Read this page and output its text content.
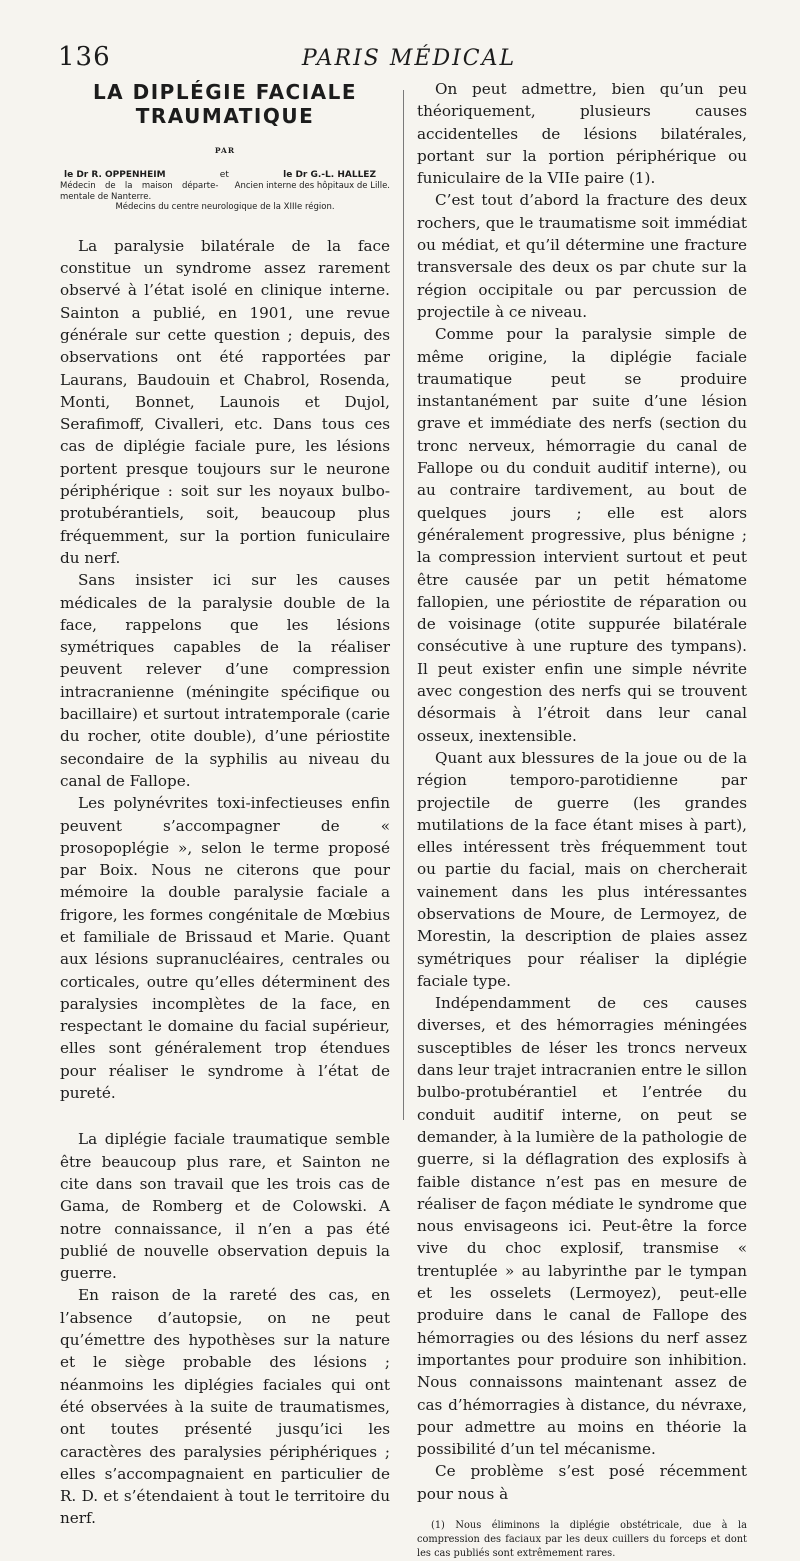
136	PARIS MÉDICAL
LA DIPLÉGIE FACIALE TRAUMATIQUE
PAR
le Dr R. OPPENHEIM	et	le Dr G.-L. HALLEZ
Médecin de la maison départe-mentale de Nanterre.
Ancien interne des hôpitaux de Lille.
Médecins du centre neurologique de la XIIIe région.

La paralysie bilatérale de la face constitue un syndrome assez rarement observé à l’état isolé en clinique interne. Sainton a publié, en 1901, une revue générale sur cette question ; depuis, des observations ont été rapportées par Laurans, Baudouin et Chabrol, Rosenda, Monti, Bonnet, Launois et Dujol, Serafimoff, Civalleri, etc. Dans tous ces cas de diplégie faciale pure, les lésions portent presque toujours sur le neurone périphérique : soit sur les noyaux bulbo-protubérantiels, soit, beaucoup plus fréquemment, sur la portion funiculaire du nerf.

Sans insister ici sur les causes médicales de la paralysie double de la face, rappelons que les lésions symétriques capables de la réaliser peuvent relever d’une compression intracranienne (méningite spécifique ou bacillaire) et surtout intratemporale (carie du rocher, otite double), d’une périostite secondaire de la syphilis au niveau du canal de Fallope.

Les polynévrites toxi-infectieuses enfin peuvent s’accompagner de « prosopoplégie », selon le terme proposé par Boix. Nous ne citerons que pour mémoire la double paralysie faciale a frigore, les formes congénitale de Mœbius et familiale de Brissaud et Marie. Quant aux lésions supranucléaires, centrales ou corticales, outre qu’elles déterminent des paralysies incomplètes de la face, en respectant le domaine du facial supérieur, elles sont généralement trop étendues pour réaliser le syndrome à l’état de pureté.

La diplégie faciale traumatique semble être beaucoup plus rare, et Sainton ne cite dans son travail que les trois cas de Gama, de Romberg et de Colowski. A notre connaissance, il n’en a pas été publié de nouvelle observation depuis la guerre.

En raison de la rareté des cas, en l’absence d’autopsie, on ne peut qu’émettre des hypothèses sur la nature et le siège probable des lésions ; néanmoins les diplégies faciales qui ont été observées à la suite de traumatismes, ont toutes présenté jusqu’ici les caractères des paralysies périphériques ; elles s’accompagnaient en particulier de R. D. et s’étendaient à tout le territoire du nerf.

On peut admettre, bien qu’un peu théoriquement, plusieurs causes accidentelles de lésions bilatérales, portant sur la portion périphérique ou funiculaire de la VIIe paire (1).

C’est tout d’abord la fracture des deux rochers, que le traumatisme soit immédiat ou médiat, et qu’il détermine une fracture transversale des deux os par chute sur la région occipitale ou par percussion de projectile à ce niveau.

Comme pour la paralysie simple de même origine, la diplégie faciale traumatique peut se produire instantanément par suite d’une lésion grave et immédiate des nerfs (section du tronc nerveux, hémorragie du canal de Fallope ou du conduit auditif interne), ou au contraire tardivement, au bout de quelques jours ; elle est alors généralement progressive, plus bénigne ; la compression intervient surtout et peut être causée par un petit hématome fallopien, une périostite de réparation ou de voisinage (otite suppurée bilatérale consécutive à une rupture des tympans). Il peut exister enfin une simple névrite avec congestion des nerfs qui se trouvent désormais à l’étroit dans leur canal osseux, inextensible.

Quant aux blessures de la joue ou de la région temporo-parotidienne par projectile de guerre (les grandes mutilations de la face étant mises à part), elles intéressent très fréquemment tout ou partie du facial, mais on chercherait vainement dans les plus intéressantes observations de Moure, de Lermoyez, de Morestin, la description de plaies assez symétriques pour réaliser la diplégie faciale type.

Indépendamment de ces causes diverses, et des hémorragies méningées susceptibles de léser les troncs nerveux dans leur trajet intracranien entre le sillon bulbo-protubérantiel et l’entrée du conduit auditif interne, on peut se demander, à la lumière de la pathologie de guerre, si la déflagration des explosifs à faible distance n’est pas en mesure de réaliser de façon médiate le syndrome que nous envisageons ici. Peut-être la force vive du choc explosif, transmise « trentuplée » au labyrinthe par le tympan et les osselets (Lermoyez), peut-elle produire dans le canal de Fallope des hémorragies ou des lésions du nerf assez importantes pour produire son inhibition. Nous connaissons maintenant assez de cas d’hémorragies à distance, du névraxe, pour admettre au moins en théorie la possibilité d’un tel mécanisme.

Ce problème s’est posé récemment pour nous à

(1) Nous éliminons la diplégie obstétricale, due à la compression des faciaux par les deux cuillers du forceps et dont les cas publiés sont extrêmement rares.
